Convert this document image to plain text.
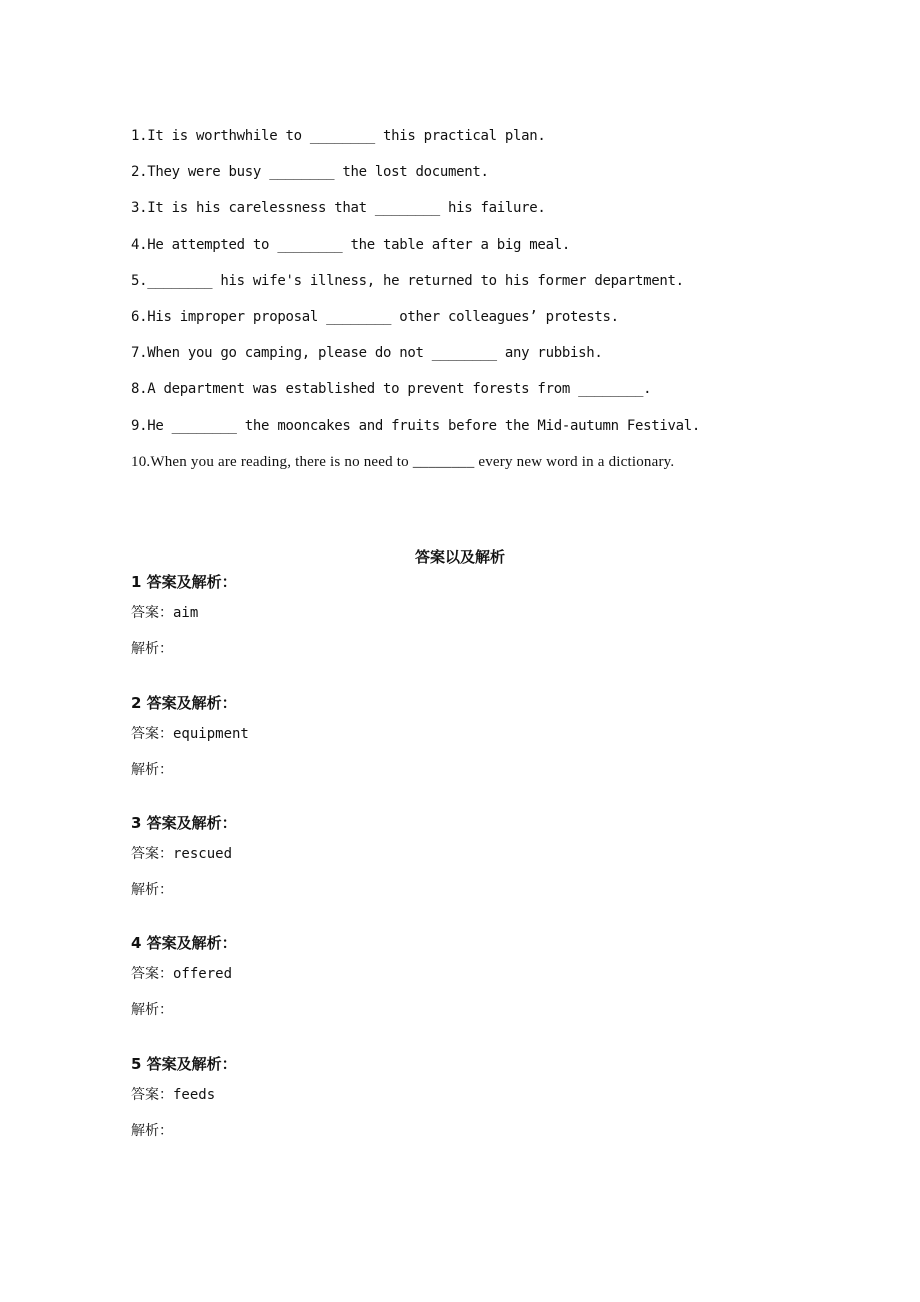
1.It is worthwhile to ________ this practical plan.
2.They were busy ________ the lost document.
3.It is his carelessness that ________ his failure.
4.He attempted to ________ the table after a big meal.
5.________ his wife's illness, he returned to his former department.
6.His improper proposal ________ other colleagues’ protests.
7.When you go camping, please do not ________ any rubbish.
8.A department was established to prevent forests from ________.
9.He ________ the mooncakes and fruits before the Mid-autumn Festival.
10.When you are reading, there is no need to ________ every new word in a dictionary.
答案以及解析
1 答案及解析：
答案：aim
解析：
2 答案及解析：
答案：equipment
解析：
3 答案及解析：
答案：rescued
解析：
4 答案及解析：
答案：offered
解析：
5 答案及解析：
答案：feeds
解析：
